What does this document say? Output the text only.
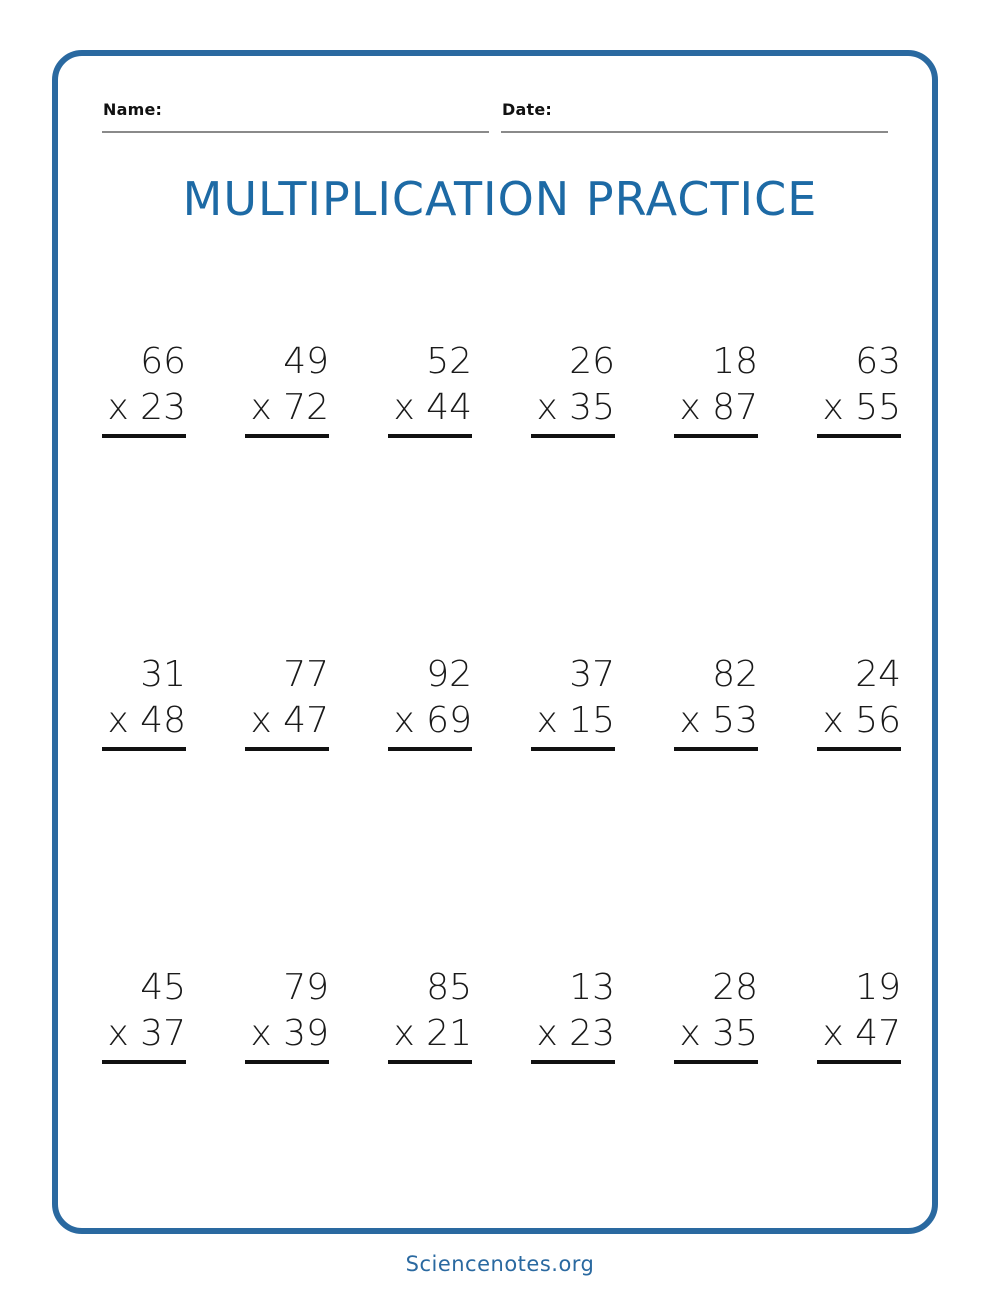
Name:	Date:
MULTIPLICATION PRACTICE
66
x 23
49
x 72
52
x 44
26
x 35
18
x 87
63
x 55
31
x 48
77
x 47
92
x 69
37
x 15
82
x 53
24
x 56
45
x 37
79
x 39
85
x 21
13
x 23
28
x 35
19
x 47
Sciencenotes.org
